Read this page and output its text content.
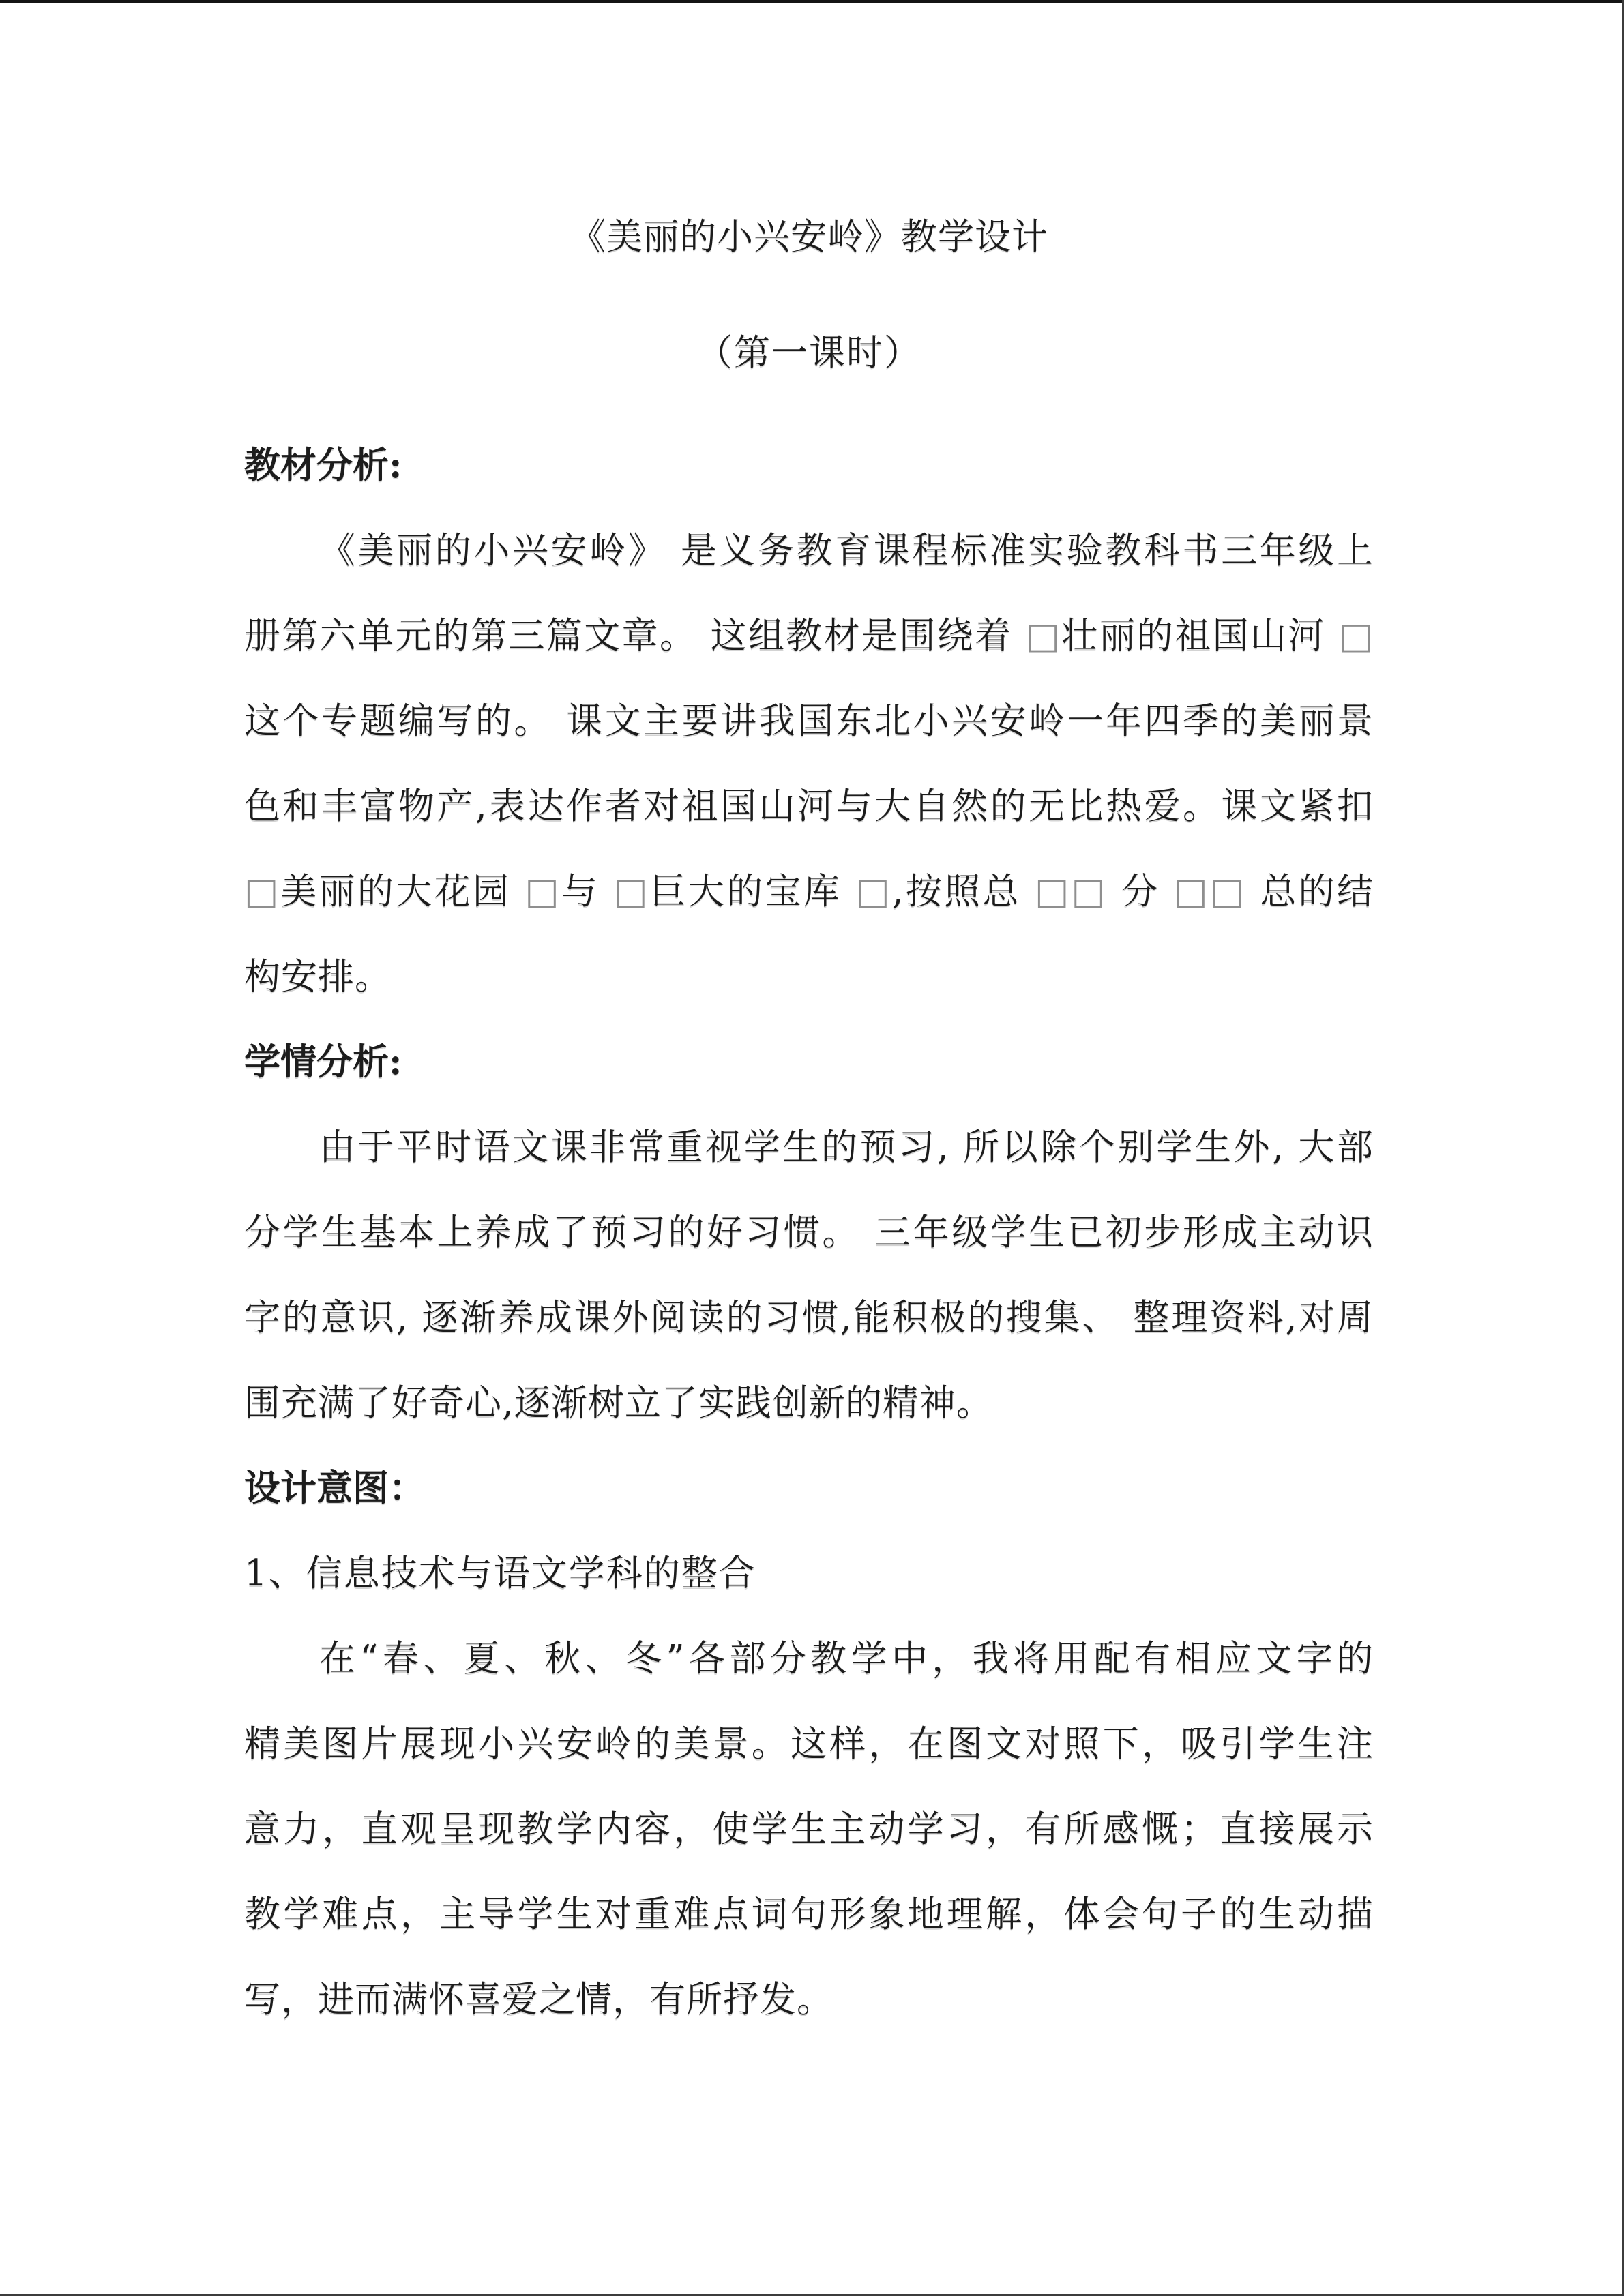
《美丽的小兴安岭》教学设计
（第一课时）
教材分析:
《美丽的小兴安岭》 是义务教育课程标准实验教科书三年级上
册第六单元的第三篇文章。 这组教材是围绕着 □壮丽的祖国山河 □
这个专题编写的。 课文主要讲我国东北小兴安岭一年四季的美丽景
色和丰富物产,表达作者对祖国山河与大自然的无比热爱。课文紧扣
□美丽的大花园 □与 □巨大的宝库 □,按照总 □□ 分 □□ 总的结
构安排。
学情分析:
由于平时语文课非常重视学生的预习, 所以除个别学生外, 大部
分学生基本上养成了预习的好习惯。 三年级学生已初步形成主动识
字的意识, 逐渐养成课外阅读的习惯,能积极的搜集、 整理资料,对周
围充满了好奇心,逐渐树立了实践创新的精神。
设计意图：
1、信息技术与语文学科的整合
在“春、夏、秋、冬”各部分教学中，我将用配有相应文字的
精美图片展现小兴安岭的美景。这样，在图文对照下，吸引学生注
意力，直观呈现教学内容，使学生主动学习，有所感慨；直接展示
教学难点，主导学生对重难点词句形象地理解，体会句子的生动描
写，进而满怀喜爱之情，有所抒发。
